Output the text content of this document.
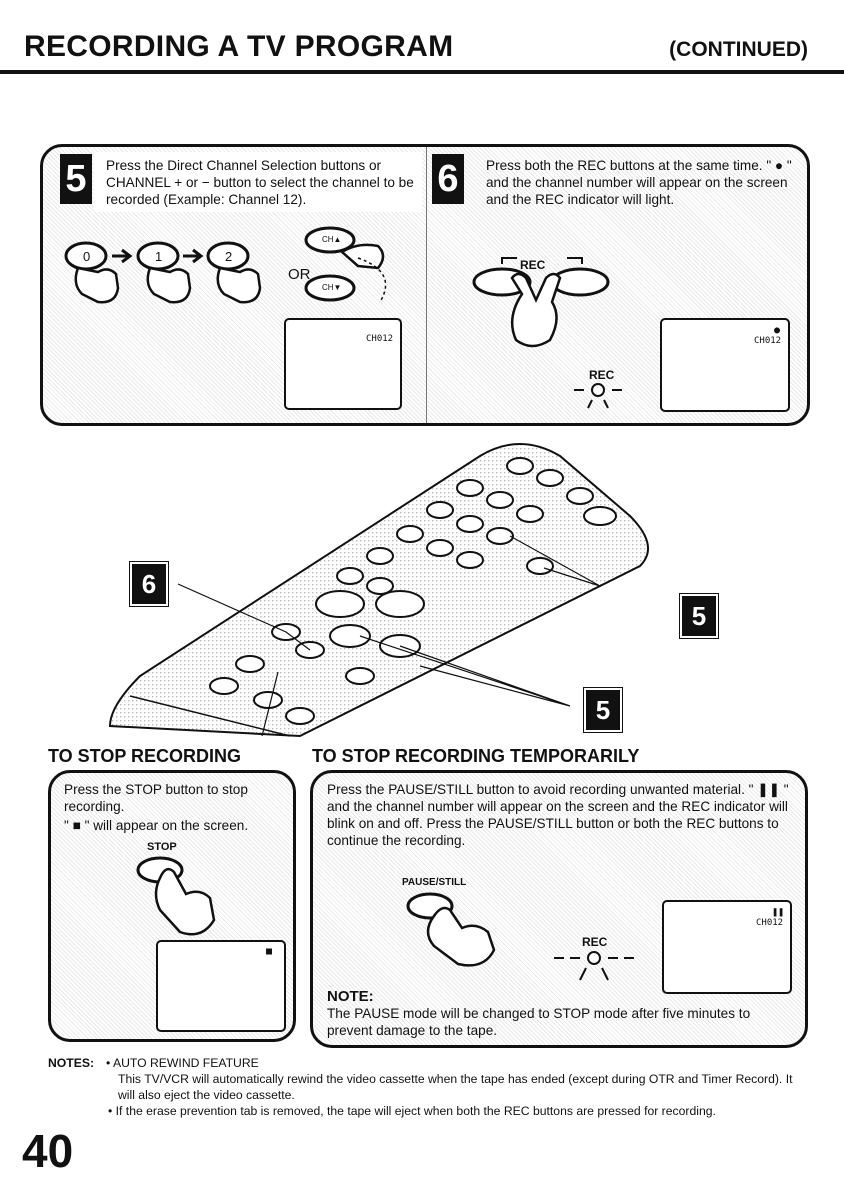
RECORDING A TV PROGRAM	(CONTINUED)
5	Press the Direct Channel Selection buttons or CHANNEL + or − button to select the channel to be recorded (Example: Channel 12).
0	1	2
OR
CH▲
CH▼
CH012
6	Press both the REC buttons at the same time. " ● " and the channel number will appear on the screen and the REC indicator will light.
REC
REC
●
CH012
6
5
5
TO STOP RECORDING
Press the STOP button to stop recording.
" ■ " will appear on the screen.
STOP
■
TO STOP RECORDING TEMPORARILY
Press the PAUSE/STILL button to avoid recording unwanted material. " ❚❚ " and the channel number will appear on the screen and the REC indicator will blink on and off. Press the PAUSE/STILL button or both the REC buttons to continue the recording.
PAUSE/STILL
REC
❚❚
CH012
NOTE:
The PAUSE mode will be changed to STOP mode after five minutes to prevent damage to the tape.
NOTES: • AUTO REWIND FEATURE
This TV/VCR will automatically rewind the video cassette when the tape has ended (except during OTR and Timer Record). It will also eject the video cassette.
• If the erase prevention tab is removed, the tape will eject when both the REC buttons are pressed for recording.
40
